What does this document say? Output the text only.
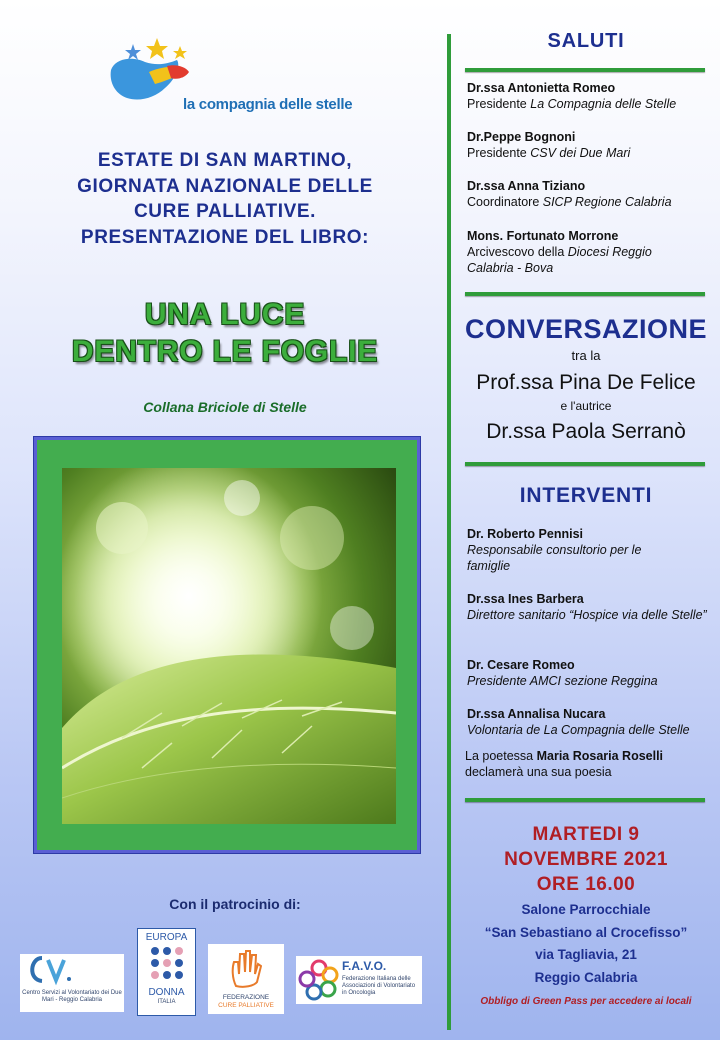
la compagnia delle stelle
ESTATE DI SAN MARTINO,
GIORNATA NAZIONALE DELLE
CURE PALLIATIVE.
PRESENTAZIONE DEL LIBRO:
UNA LUCE
DENTRO LE FOGLIE
Collana Briciole di Stelle
Con il patrocinio di:
Centro Servizi al Volontariato dei Due Mari - Reggio Calabria
EUROPA
DONNA
ITALIA
FEDERAZIONE
CURE PALLIATIVE
F.A.V.O.
Federazione Italiana delle Associazioni di Volontariato in Oncologia
SALUTI
Dr.ssa Antonietta Romeo
Presidente La Compagnia delle Stelle
Dr.Peppe Bognoni
Presidente CSV dei Due Mari
Dr.ssa Anna Tiziano
Coordinatore SICP Regione Calabria
Mons. Fortunato Morrone
Arcivescovo della Diocesi Reggio Calabria - Bova
CONVERSAZIONE
tra la
Prof.ssa Pina De Felice
e l'autrice
Dr.ssa Paola Serranò
INTERVENTI
Dr. Roberto Pennisi
Responsabile consultorio per le famiglie
Dr.ssa Ines Barbera
Direttore sanitario “Hospice via delle Stelle”
Dr. Cesare Romeo
Presidente AMCI sezione Reggina
Dr.ssa Annalisa Nucara
Volontaria de La Compagnia delle Stelle
La poetessa Maria Rosaria Roselli
declamerà una sua poesia
MARTEDI 9
NOVEMBRE 2021
ORE 16.00
Salone Parrocchiale
“San Sebastiano al Crocefisso”
via Tagliavia, 21
Reggio Calabria
Obbligo di Green Pass per accedere ai locali
